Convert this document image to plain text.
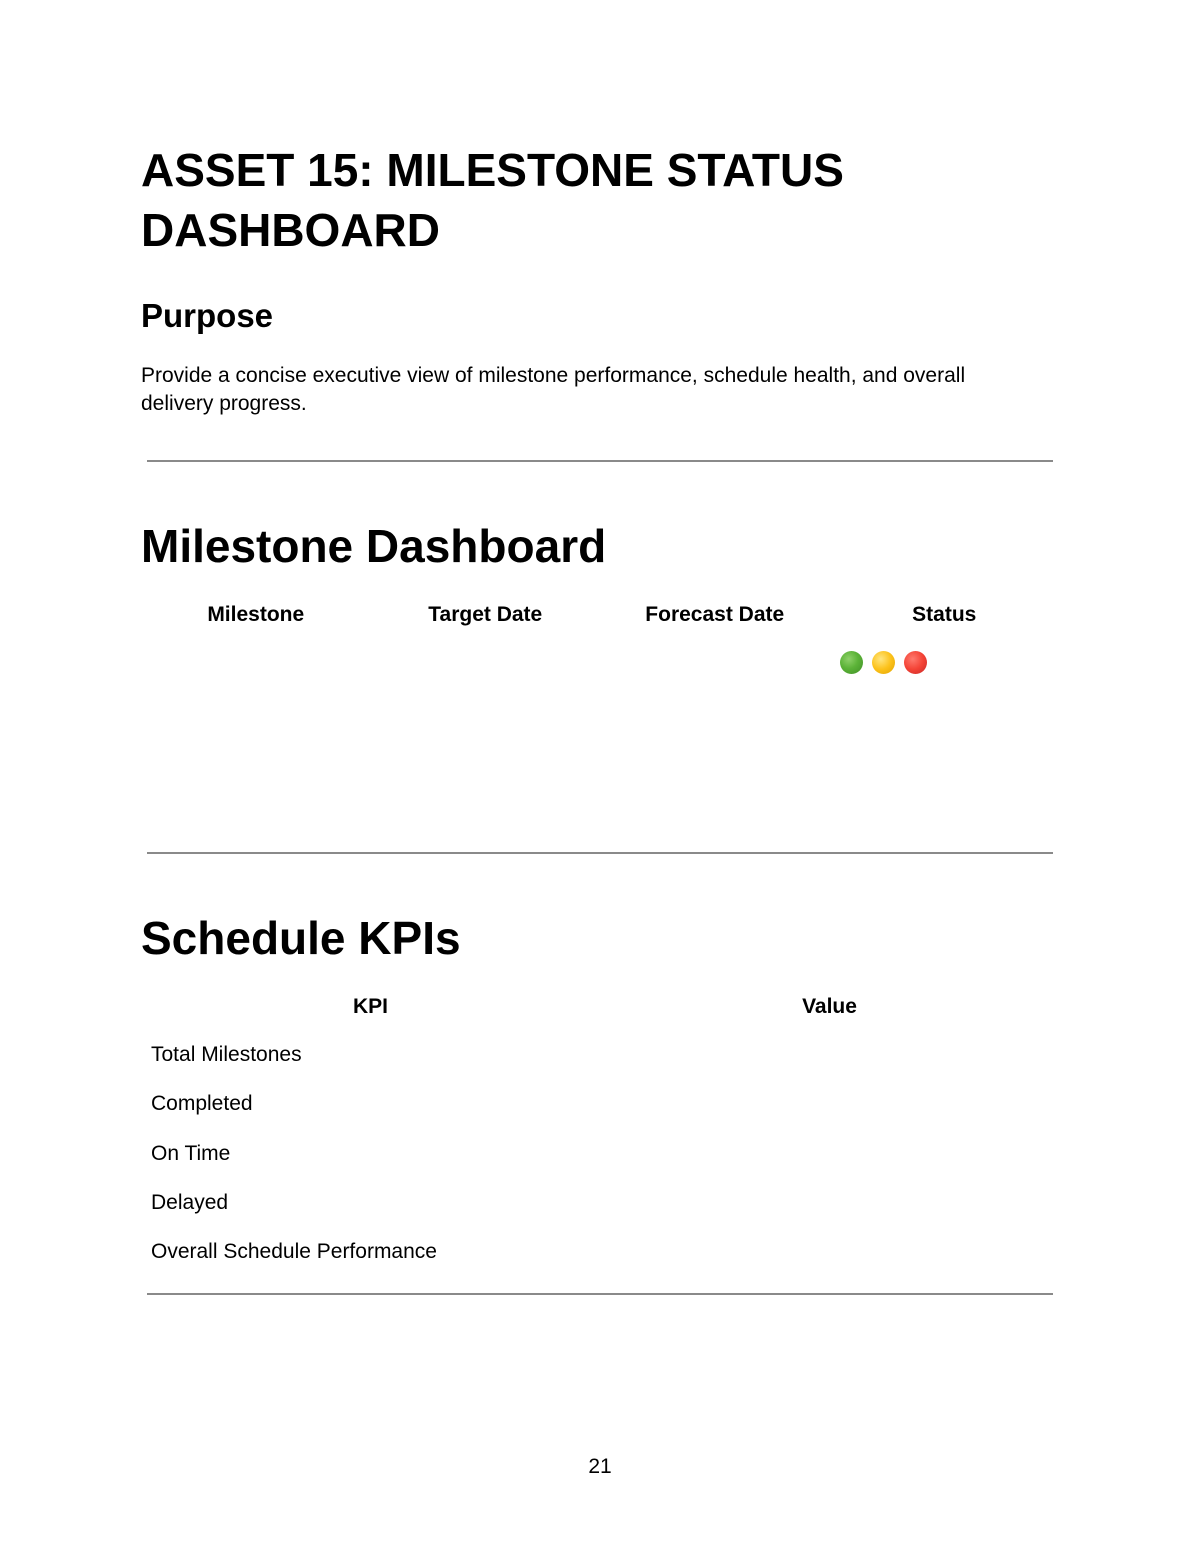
ASSET 15: MILESTONE STATUS DASHBOARD
Purpose

Provide a concise executive view of milestone performance, schedule health, and overall delivery progress.

Milestone Dashboard
Milestone	Target Date	Forecast Date	Status
Schedule KPIs
KPI	Value
Total Milestones
Completed
On Time
Delayed
Overall Schedule Performance
21
